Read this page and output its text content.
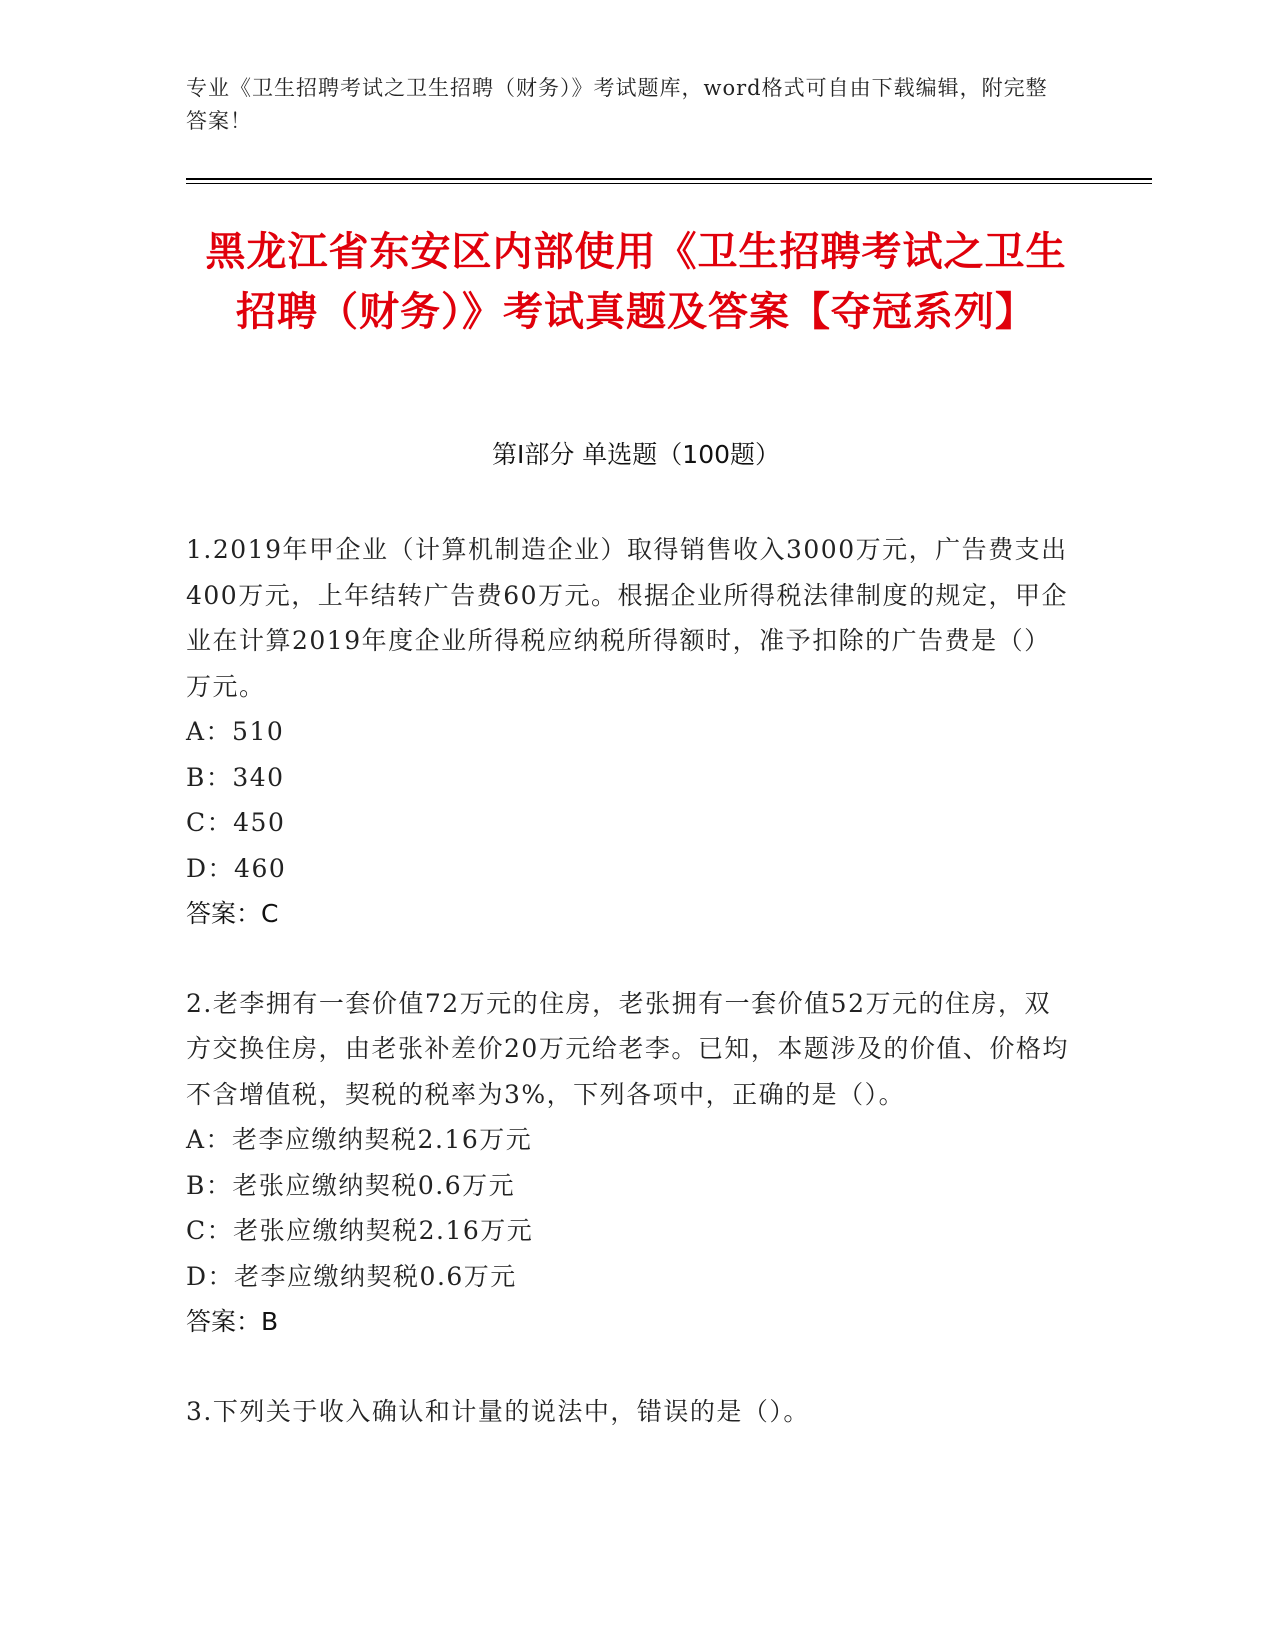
专业《卫生招聘考试之卫生招聘（财务）》考试题库，word格式可自由下载编辑，附完整答案！
黑龙江省东安区内部使用《卫生招聘考试之卫生招聘（财务）》考试真题及答案【夺冠系列】
第Ⅰ部分 单选题（100题）

1.2019年甲企业（计算机制造企业）取得销售收入3000万元，广告费支出400万元，上年结转广告费60万元。根据企业所得税法律制度的规定，甲企业在计算2019年度企业所得税应纳税所得额时，准予扣除的广告费是（）万元。

A：510

B：340

C：450

D：460

答案：C

2.老李拥有一套价值72万元的住房，老张拥有一套价值52万元的住房，双方交换住房，由老张补差价20万元给老李。已知，本题涉及的价值、价格均不含增值税，契税的税率为3%，下列各项中，正确的是（）。

A：老李应缴纳契税2.16万元

B：老张应缴纳契税0.6万元

C：老张应缴纳契税2.16万元

D：老李应缴纳契税0.6万元

答案：B

3.下列关于收入确认和计量的说法中，错误的是（）。
